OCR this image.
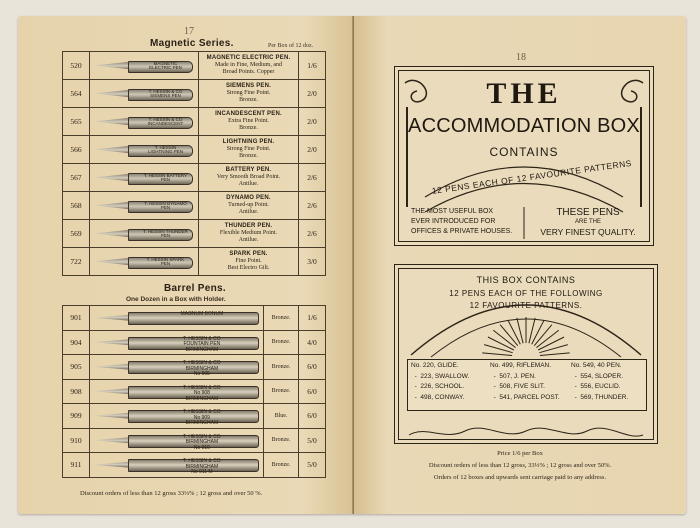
17
Magnetic Series.	Per Box of 12 doz.
520	MAGNETIC ELECTRIC PEN	MAGNETIC ELECTRIC PEN.
Made in Fine, Medium, and
Broad Points. Copper	1/6
564	T. HESSIN & CO SIEMENS PEN	SIEMENS PEN.
Strong Fine Point.
Bronze.	2/0
565	T. HESSIN & CO INCANDESCENT	INCANDESCENT PEN.
Extra Fine Point.
Bronze.	2/0
566	T. HESSIN LIGHTNING PEN	LIGHTNING PEN.
Strong Fine Point.
Bronze.	2/0
567	T. HESSIN BATTERY PEN	BATTERY PEN.
Very Smooth Broad Point.
Antilue.	2/6
568	T. HESSIN DYNAMO PEN	DYNAMO PEN.
Turned-up Point.
Antilue.	2/6
569	T. HESSIN THUNDER PEN	THUNDER PEN.
Flexible Medium Point.
Antilue.	2/6
722	T. HESSIN SPARK PEN	SPARK PEN.
Fine Point.
Best Electro Gilt.	3/0
Barrel Pens.
One Dozen in a Box with Holder.
901	MAGNUM BONUM	Bronze.	1/6
904	T. HESSIN & CO
FOUNTAIN PEN
BIRMINGHAM	Bronze.	4/0
905	T. HESSIN & CO
BIRMINGHAM
No 905	Bronze.	6/0
908	T. HESSIN & CO
No 908
BIRMINGHAM	Bronze.	6/0
909	T. HESSIN & CO
No 909
BIRMINGHAM	Blue.	6/0
910	T. HESSIN & CO
BIRMINGHAM
No 910	Bronze.	5/0
911	T. HESSIN & CO
BIRMINGHAM
No 911 M	Bronze.	5/0
Discount orders of less than 12 gross 33⅓% ; 12 gross and over 50 %.
18
THE
ACCOMMODATION BOX
CONTAINS
12 PENS EACH OF 12 FAVOURITE PATTERNS
THE MOST USEFUL BOX
EVER INTRODUCED FOR
OFFICES & PRIVATE HOUSES.
THESE PENS
ARE THE
VERY FINEST QUALITY.
THIS BOX CONTAINS
12 PENS EACH OF THE FOLLOWING
12 FAVOURITE PATTERNS.
No. 220, GLIDE.
-  223, SWALLOW.
-  226, SCHOOL.
-  498, CONWAY.
No. 499, RIFLEMAN.
-  507, J. PEN.
-  508, FIVE SLIT.
-  541, PARCEL POST.
No. 549, 40 PEN.
-  554, SLOPER.
-  556, EUCLID.
-  569, THUNDER.
Price 1/6 per Box
Discount orders of less than 12 gross, 33⅓% ; 12 gross and over 50%.
Orders of 12 boxes and upwards sent carriage paid to any address.
